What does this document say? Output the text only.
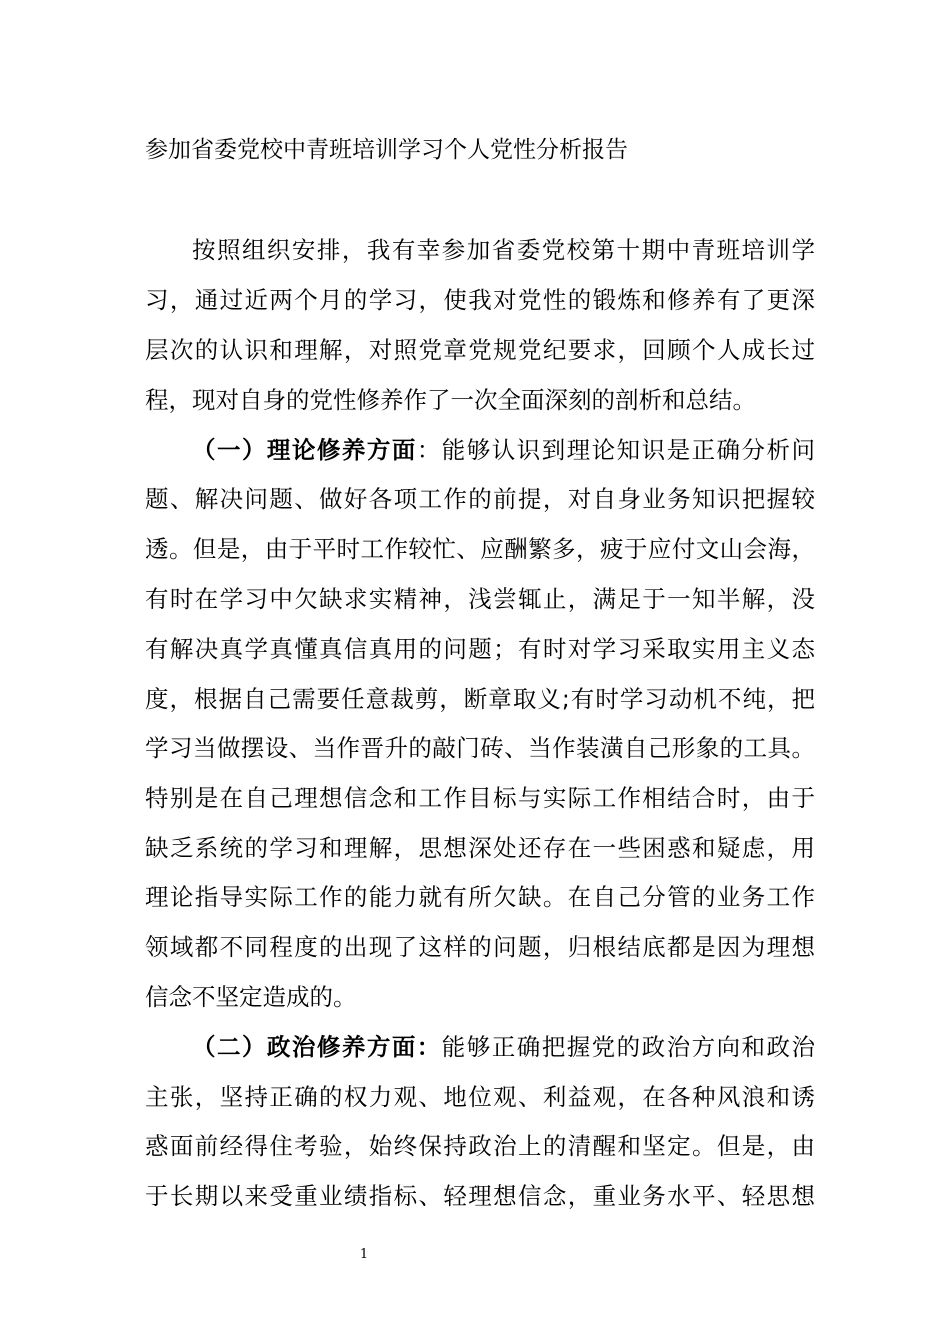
参加省委党校中青班培训学习个人党性分析报告
按照组织安排，我有幸参加省委党校第十期中青班培训学
习，通过近两个月的学习，使我对党性的锻炼和修养有了更深
层次的认识和理解，对照党章党规党纪要求，回顾个人成长过
程，现对自身的党性修养作了一次全面深刻的剖析和总结。
（一）理论修养方面：能够认识到理论知识是正确分析问
题、解决问题、做好各项工作的前提，对自身业务知识把握较
透。但是，由于平时工作较忙、应酬繁多，疲于应付文山会海，
有时在学习中欠缺求实精神，浅尝辄止，满足于一知半解，没
有解决真学真懂真信真用的问题；有时对学习采取实用主义态
度，根据自己需要任意裁剪，断章取义;有时学习动机不纯，把
学习当做摆设、当作晋升的敲门砖、当作装潢自己形象的工具。
特别是在自己理想信念和工作目标与实际工作相结合时，由于
缺乏系统的学习和理解，思想深处还存在一些困惑和疑虑，用
理论指导实际工作的能力就有所欠缺。在自己分管的业务工作
领域都不同程度的出现了这样的问题，归根结底都是因为理想
信念不坚定造成的。
（二）政治修养方面：能够正确把握党的政治方向和政治
主张，坚持正确的权力观、地位观、利益观，在各种风浪和诱
惑面前经得住考验，始终保持政治上的清醒和坚定。但是，由
于长期以来受重业绩指标、轻理想信念，重业务水平、轻思想
1
